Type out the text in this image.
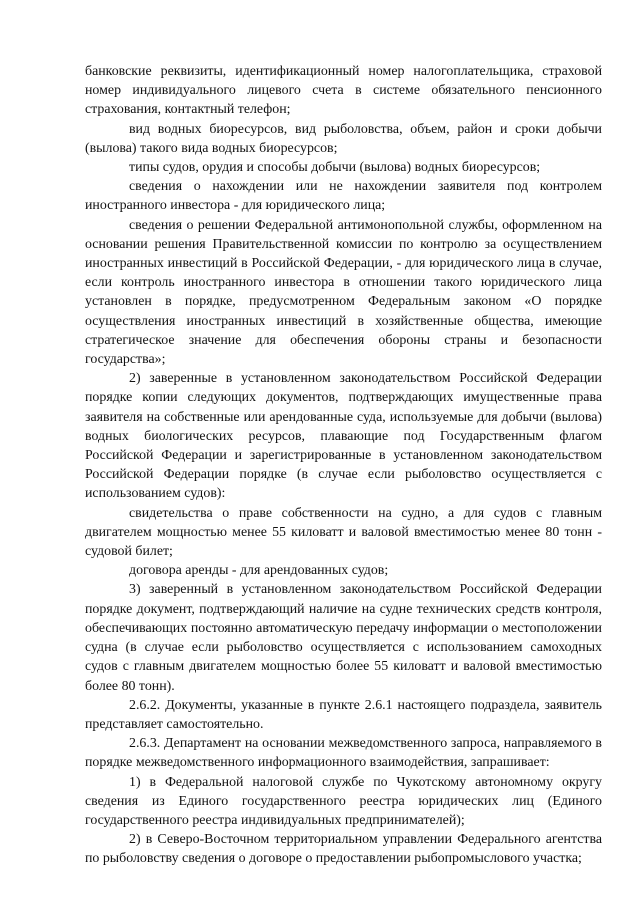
банковские реквизиты, идентификационный номер налогоплательщика, страховой номер индивидуального лицевого счета в системе обязательного пенсионного страхования, контактный телефон;

вид водных биоресурсов, вид рыболовства, объем, район и сроки добычи (вылова) такого вида водных биоресурсов;

типы судов, орудия и способы добычи (вылова) водных биоресурсов;

сведения о нахождении или не нахождении заявителя под контролем иностранного инвестора - для юридического лица;

сведения о решении Федеральной антимонопольной службы, оформленном на основании решения Правительственной комиссии по контролю за осуществлением иностранных инвестиций в Российской Федерации, - для юридического лица в случае, если контроль иностранного инвестора в отношении такого юридического лица установлен в порядке, предусмотренном Федеральным законом «О порядке осуществления иностранных инвестиций в хозяйственные общества, имеющие стратегическое значение для обеспечения обороны страны и безопасности государства»;

2) заверенные в установленном законодательством Российской Федерации порядке копии следующих документов, подтверждающих имущественные права заявителя на собственные или арендованные суда, используемые для добычи (вылова) водных биологических ресурсов, плавающие под Государственным флагом Российской Федерации и зарегистрированные в установленном законодательством Российской Федерации порядке (в случае если рыболовство осуществляется с использованием судов):

свидетельства о праве собственности на судно, а для судов с главным двигателем мощностью менее 55 киловатт и валовой вместимостью менее 80 тонн - судовой билет;

договора аренды - для арендованных судов;

3) заверенный в установленном законодательством Российской Федерации порядке документ, подтверждающий наличие на судне технических средств контроля, обеспечивающих постоянно автоматическую передачу информации о местоположении судна (в случае если рыболовство осуществляется с использованием самоходных судов с главным двигателем мощностью более 55 киловатт и валовой вместимостью более 80 тонн).

2.6.2. Документы, указанные в пункте 2.6.1 настоящего подраздела, заявитель представляет самостоятельно.

2.6.3. Департамент на основании межведомственного запроса, направляемого в порядке межведомственного информационного взаимодействия, запрашивает:

1) в Федеральной налоговой службе по Чукотскому автономному округу сведения из Единого государственного реестра юридических лиц (Единого государственного реестра индивидуальных предпринимателей);

2) в Северо-Восточном территориальном управлении Федерального агентства по рыболовству сведения о договоре о предоставлении рыбопромыслового участка;
